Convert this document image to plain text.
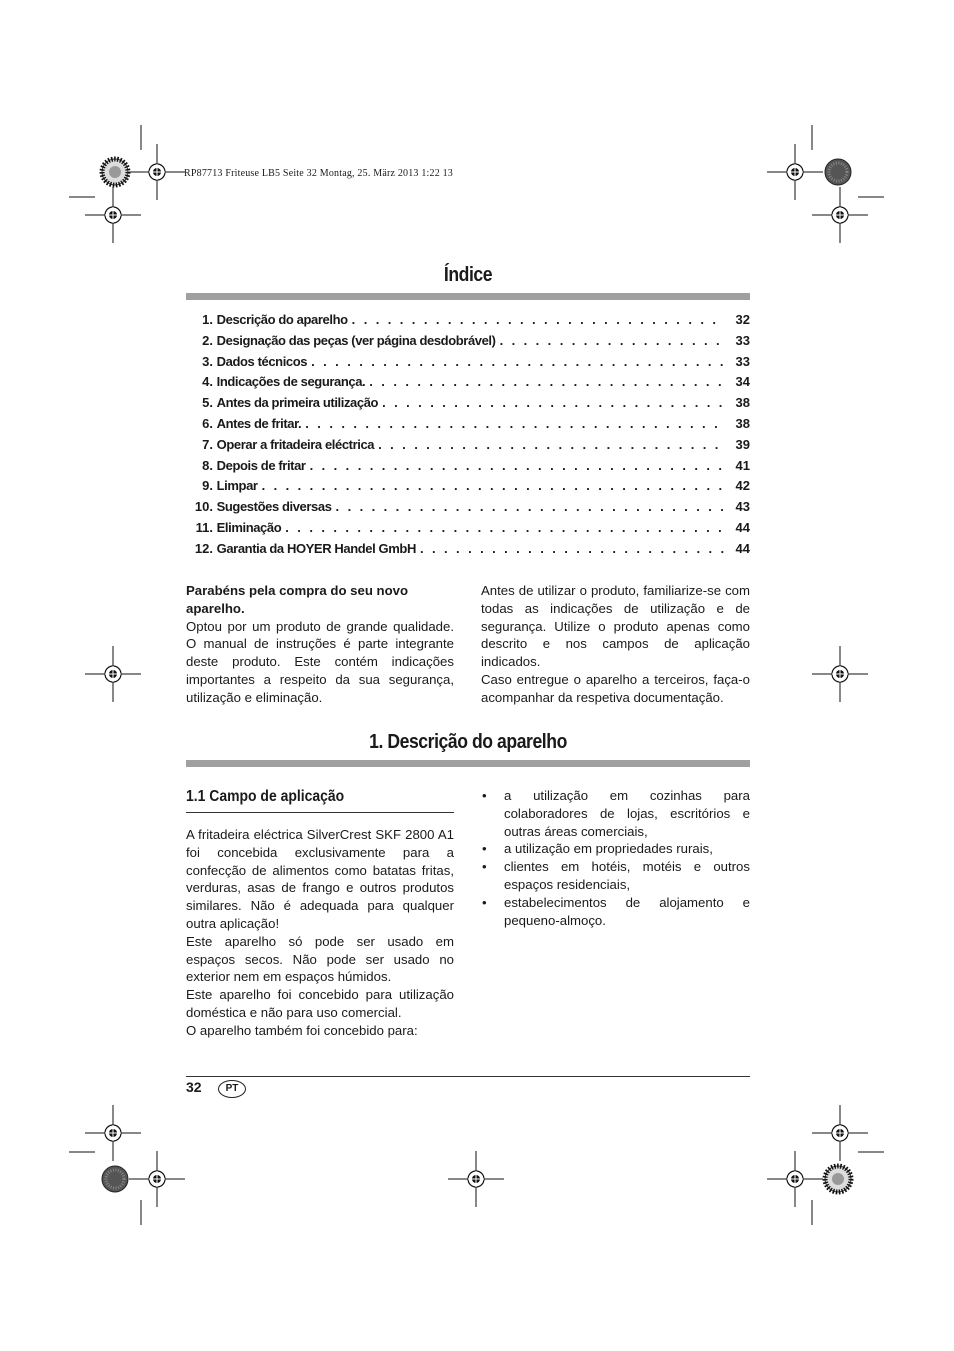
RP87713 Friteuse LB5 Seite 32 Montag, 25. März 2013 1:22 13
Índice
1.
Descrição do aparelho . . .	32
2.
Designação das peças (ver página desdobrável) . . .	33
3.
Dados técnicos . . .	33
4.
Indicações de segurança. . . .	34
5.
Antes da primeira utilização . . .	38
6.
Antes de fritar. . . .	38
7.
Operar a fritadeira eléctrica . . .	39
8.
Depois de fritar . . .	41
9.
Limpar . . .	42
10.
Sugestões diversas . . .	43
11.
Eliminação . . .	44
12.
Garantia da HOYER Handel GmbH . . .	44

Parabéns pela compra do seu novo aparelho.

Optou por um produto de grande qualidade. O manual de instruções é parte integrante deste produto. Este contém indicações importantes a respeito da sua segurança, utilização e eliminação.

Antes de utilizar o produto, familiarize-se com todas as indicações de utilização e de segurança. Utilize o produto apenas como descrito e nos campos de aplicação indicados.

Caso entregue o aparelho a terceiros, faça-o acompanhar da respetiva documentação.

1. Descrição do aparelho
1.1 Campo de aplicação

A fritadeira eléctrica SilverCrest SKF 2800 A1 foi concebida exclusivamente para a confecção de alimentos como batatas fritas, verduras, asas de frango e outros produtos similares. Não é adequada para qualquer outra aplicação!

Este aparelho só pode ser usado em espaços secos. Não pode ser usado no exterior nem em espaços húmidos.

Este aparelho foi concebido para utilização doméstica e não para uso comercial.

O aparelho também foi concebido para:

• a utilização em cozinhas para colaboradores de lojas, escritórios e outras áreas comerciais,
• a utilização em propriedades rurais,
• clientes em hotéis, motéis e outros espaços residenciais,
• estabelecimentos de alojamento e pequeno-almoço.
32	PT
